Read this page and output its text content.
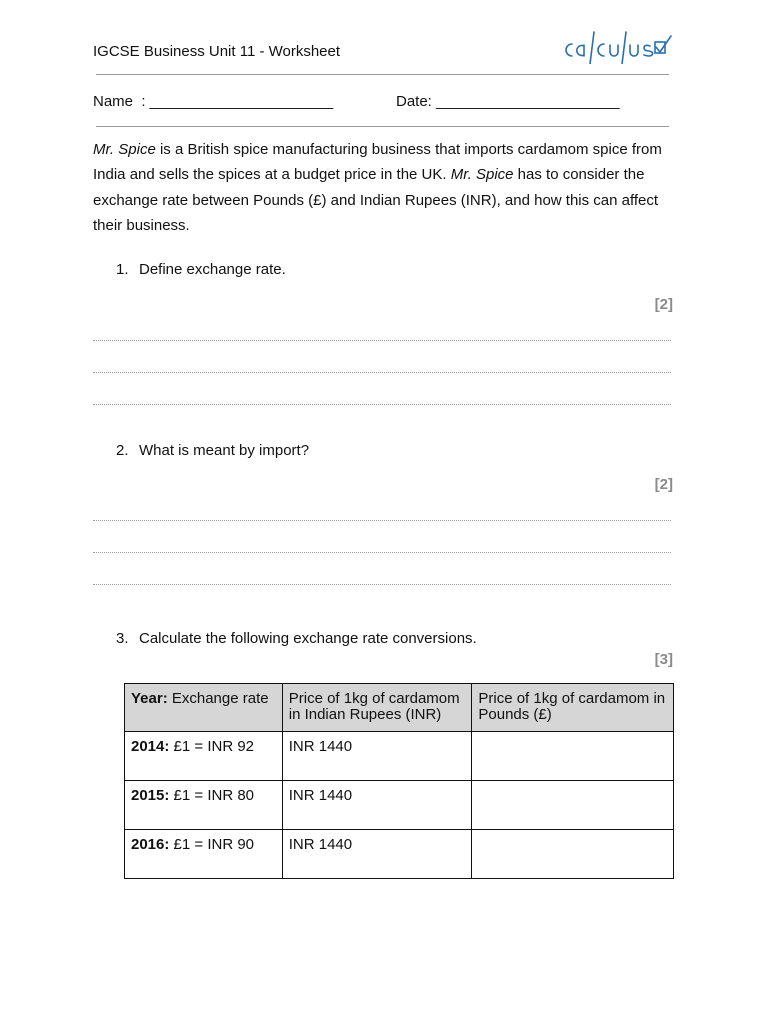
IGCSE Business Unit 11 - Worksheet
Name  : ______________________	Date: ______________________

Mr. Spice is a British spice manufacturing business that imports cardamom spice from India and sells the spices at a budget price in the UK. Mr. Spice has to consider the exchange rate between Pounds (£) and Indian Rupees (INR), and how this can affect their business.

1. Define exchange rate.
[2]
2. What is meant by import?
[2]
3. Calculate the following exchange rate conversions.
[3]
Year: Exchange rate	Price of 1kg of cardamom in Indian Rupees (INR)	Price of 1kg of cardamom in Pounds (£)
2014: £1 = INR 92	INR 1440	
2015: £1 = INR 80	INR 1440	
2016: £1 = INR 90	INR 1440	
